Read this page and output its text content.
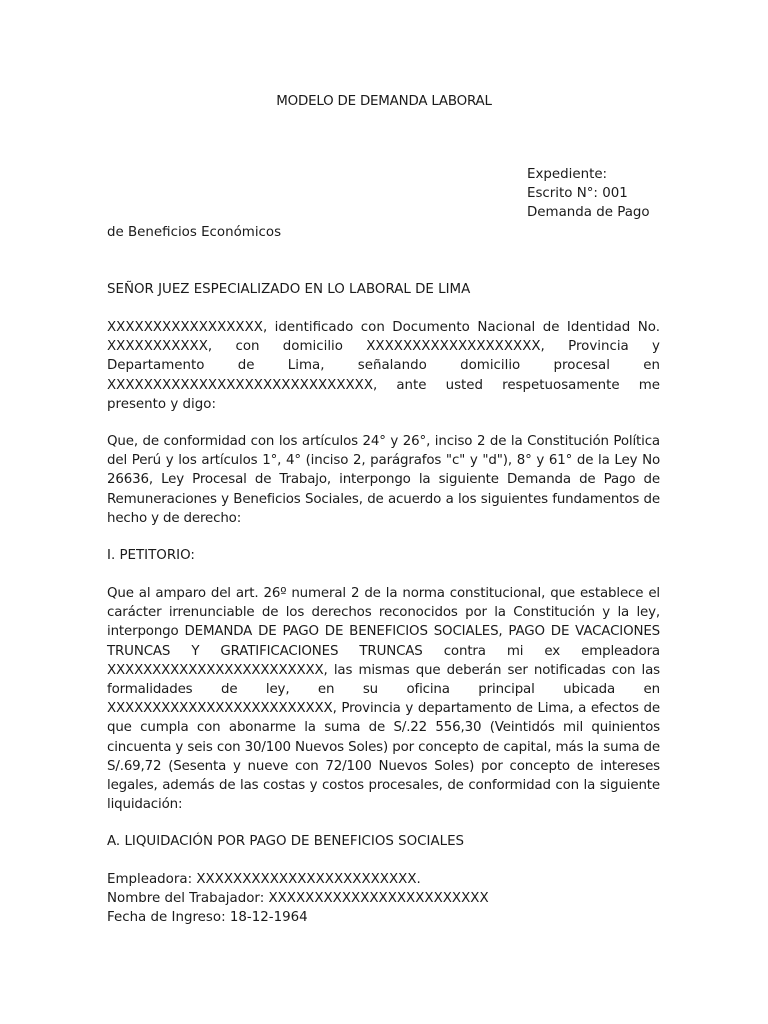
MODELO DE DEMANDA LABORAL
Expediente:
Escrito N°: 001
Demanda de Pago
de Beneficios Económicos
SEÑOR JUEZ ESPECIALIZADO EN LO LABORAL DE LIMA
XXXXXXXXXXXXXXXXX, identificado con Documento Nacional de Identidad No. XXXXXXXXXXX, con domicilio XXXXXXXXXXXXXXXXXXX, Provincia y Departamento de Lima, señalando domicilio procesal en XXXXXXXXXXXXXXXXXXXXXXXXXXXXX, ante usted respetuosamente me presento y digo:
Que, de conformidad con los artículos 24° y 26°, inciso 2 de la Constitución Política del Perú y los artículos 1°, 4° (inciso 2, parágrafos "c" y "d"), 8° y 61° de la Ley No 26636, Ley Procesal de Trabajo, interpongo la siguiente Demanda de Pago de Remuneraciones y Beneficios Sociales, de acuerdo a los siguientes fundamentos de hecho y de derecho:
I. PETITORIO:
Que al amparo del art. 26º numeral 2 de la norma constitucional, que establece el carácter irrenunciable de los derechos reconocidos por la Constitución y la ley, interpongo DEMANDA DE PAGO DE BENEFICIOS SOCIALES, PAGO DE VACACIONES TRUNCAS Y GRATIFICACIONES TRUNCAS contra mi ex empleadora XXXXXXXXXXXXXXXXXXXXXXXX, las mismas que deberán ser notificadas con las formalidades de ley, en su oficina principal ubicada en XXXXXXXXXXXXXXXXXXXXXXXXX, Provincia y departamento de Lima, a efectos de que cumpla con abonarme la suma de S/.22 556,30 (Veintidós mil quinientos cincuenta y seis con 30/100 Nuevos Soles) por concepto de capital, más la suma de S/.69,72 (Sesenta y nueve con 72/100 Nuevos Soles) por concepto de intereses legales, además de las costas y costos procesales, de conformidad con la siguiente liquidación:
A. LIQUIDACIÓN POR PAGO DE BENEFICIOS SOCIALES
Empleadora: XXXXXXXXXXXXXXXXXXXXXXXX.
Nombre del Trabajador: XXXXXXXXXXXXXXXXXXXXXXXX
Fecha de Ingreso: 18-12-1964
